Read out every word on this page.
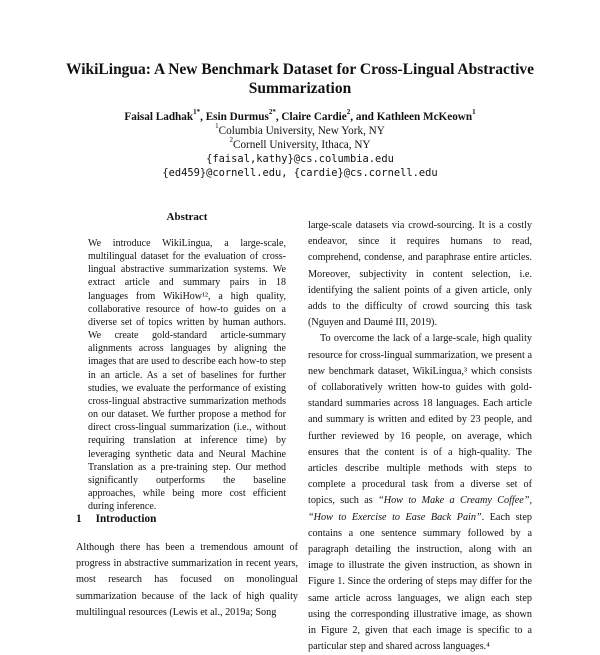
WikiLingua: A New Benchmark Dataset for Cross-Lingual Abstractive Summarization
Faisal Ladhak$^{1*}$, Esin Durmus$^{2*}$, Claire Cardie$^2$, and Kathleen McKeown$^1$
$^1$Columbia University, New York, NY
$^2$Cornell University, Ithaca, NY
{faisal,kathy}@cs.columbia.edu
{ed459}@cornell.edu, {cardie}@cs.cornell.edu
Abstract
We introduce WikiLingua, a large-scale, multilingual dataset for the evaluation of cross-lingual abstractive summarization systems. We extract article and summary pairs in 18 languages from WikiHow¹², a high quality, collaborative resource of how-to guides on a diverse set of topics written by human authors. We create gold-standard article-summary alignments across languages by aligning the images that are used to describe each how-to step in an article. As a set of baselines for further studies, we evaluate the performance of existing cross-lingual abstractive summarization methods on our dataset. We further propose a method for direct cross-lingual summarization (i.e., without requiring translation at inference time) by leveraging synthetic data and Neural Machine Translation as a pre-training step. Our method significantly outperforms the baseline approaches, while being more cost efficient during inference.
1 Introduction
Although there has been a tremendous amount of progress in abstractive summarization in recent years, most research has focused on monolingual summarization because of the lack of high quality multilingual resources (Lewis et al., 2019a; Song

large-scale datasets via crowd-sourcing. It is a costly endeavor, since it requires humans to read, comprehend, condense, and paraphrase entire articles. Moreover, subjectivity in content selection, i.e. identifying the salient points of a given article, only adds to the difficulty of crowd sourcing this task (Nguyen and Daumé III, 2019).

To overcome the lack of a large-scale, high quality resource for cross-lingual summarization, we present a new benchmark dataset, WikiLingua,³ which consists of collaboratively written how-to guides with gold-standard summaries across 18 languages. Each article and summary is written and edited by 23 people, and further reviewed by 16 people, on average, which ensures that the content is of a high-quality. The articles describe multiple methods with steps to complete a procedural task from a diverse set of topics, such as “How to Make a Creamy Coffee”, “How to Exercise to Ease Back Pain”. Each step contains a one sentence summary followed by a paragraph detailing the instruction, along with an image to illustrate the given instruction, as shown in Figure 1. Since the ordering of steps may differ for the same article across languages, we align each step using the corresponding illustrative image, as shown in Figure 2, given that each image is specific to a particular step and shared across languages.⁴
